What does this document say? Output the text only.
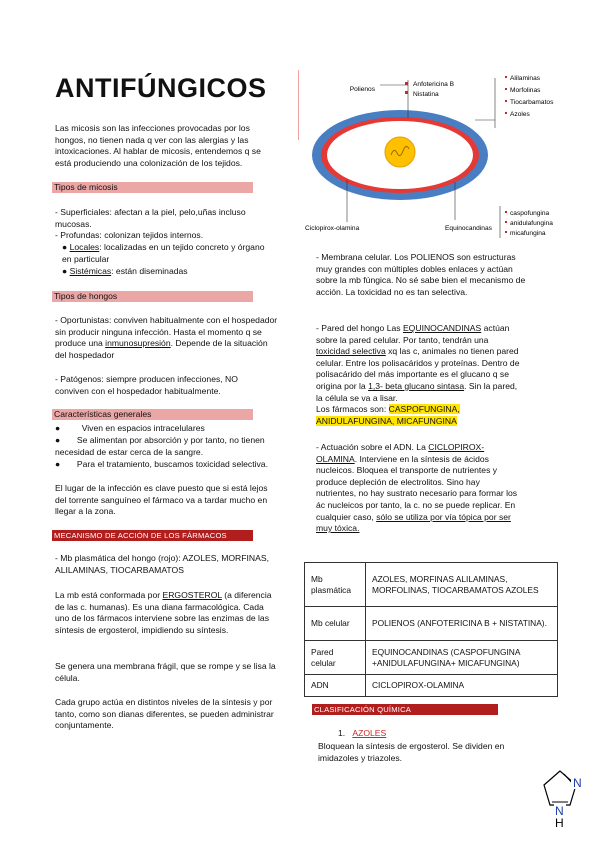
ANTIFÚNGICOS

Las micosis son las infecciones provocadas por los hongos, no tienen nada q ver con las alergias y las intoxicaciones. Al hablar de micosis, entendemos q se está produciendo una colonización de los tejidos.

Tipos de micosis

- Superficiales: afectan a la piel, pelo,uñas incluso mucosas.

- Profundas: colonizan tejidos internos.

● Locales: localizadas en un tejido concreto y órgano en particular

● Sistémicas: están diseminadas

Tipos de hongos

- Oportunistas: conviven habitualmente con el hospedador sin producir ninguna infección. Hasta el momento q se produce una inmunosupresión. Depende de la situación del hospedador

- Patógenos: siempre producen infecciones, NO conviven con el hospedador habitualmente.

Características generales

●         Viven en espacios intracelulares

●       Se alimentan por absorción y por tanto, no tienen necesidad de estar cerca de la sangre.

●       Para el tratamiento, buscamos toxicidad selectiva.

El lugar de la infección es clave puesto que si está lejos del torrente sanguíneo el fármaco va a tardar mucho en llegar a la zona.

MECANISMO DE ACCIÓN DE LOS FÁRMACOS

- Mb plasmática del hongo (rojo): AZOLES, MORFINAS, ALILAMINAS, TIOCARBAMATOS

La mb está conformada por ERGOSTEROL (a diferencia de las c. humanas). Es una diana farmacológica. Cada uno de los fármacos interviene sobre las enzimas de las síntesis de ergosterol, impidiendo su síntesis.

Se genera una membrana frágil, que se rompe y se lisa la célula.

Cada grupo actúa en distintos niveles de la síntesis y por tanto, como son dianas diferentes, se pueden administrar conjuntamente.

Polienos
Anfotericina B
Nistatina
Alilaminas
Morfolinas
Tiocarbamatos
Azoles
Ciclopirox-olamina	Equinocandinas
caspofungina
anidulafungina
micafungina

- Membrana celular. Los POLIENOS son estructuras muy grandes con múltiples dobles enlaces y actúan sobre la mb fúngica. No sé sabe bien el mecanismo de acción. La toxicidad no es tan selectiva.

- Pared del hongo Las EQUINOCANDINAS actúan sobre la pared celular. Por tanto, tendrán una toxicidad selectiva xq las c, animales no tienen pared celular. Entre los polisacáridos y proteínas. Dentro de polisacárido del más importante es el glucano q se origina por la 1,3- beta glucano sintasa. Sin la pared, la célula se va a lisar.
Los fármacos son: CASPOFUNGINA, ANIDULAFUNGINA, MICAFUNGINA

- Actuación sobre el ADN. La CICLOPIROX-OLAMINA. Interviene en la síntesis de ácidos nucleicos. Bloquea el transporte de nutrientes y produce depleción de electrolitos. Sino hay nutrientes, no hay sustrato necesario para formar los ác nucleicos por tanto, la c. no se puede replicar. En cualquier caso, sólo se utiliza por vía tópica por ser muy tóxica.

Mb plasmática	AZOLES, MORFINAS ALILAMINAS, MORFOLINAS, TIOCARBAMATOS AZOLES
Mb celular	POLIENOS (ANFOTERICINA B + NISTATINA).
Pared celular	EQUINOCANDINAS (CASPOFUNGINA +ANIDULAFUNGINA+ MICAFUNGINA)
ADN	CICLOPIROX-OLAMINA
CLASIFICACIÓN QUÍMICA

1. AZOLES

Bloquean la síntesis de ergosterol. Se dividen en imidazoles y triazoles.

N
N
H
